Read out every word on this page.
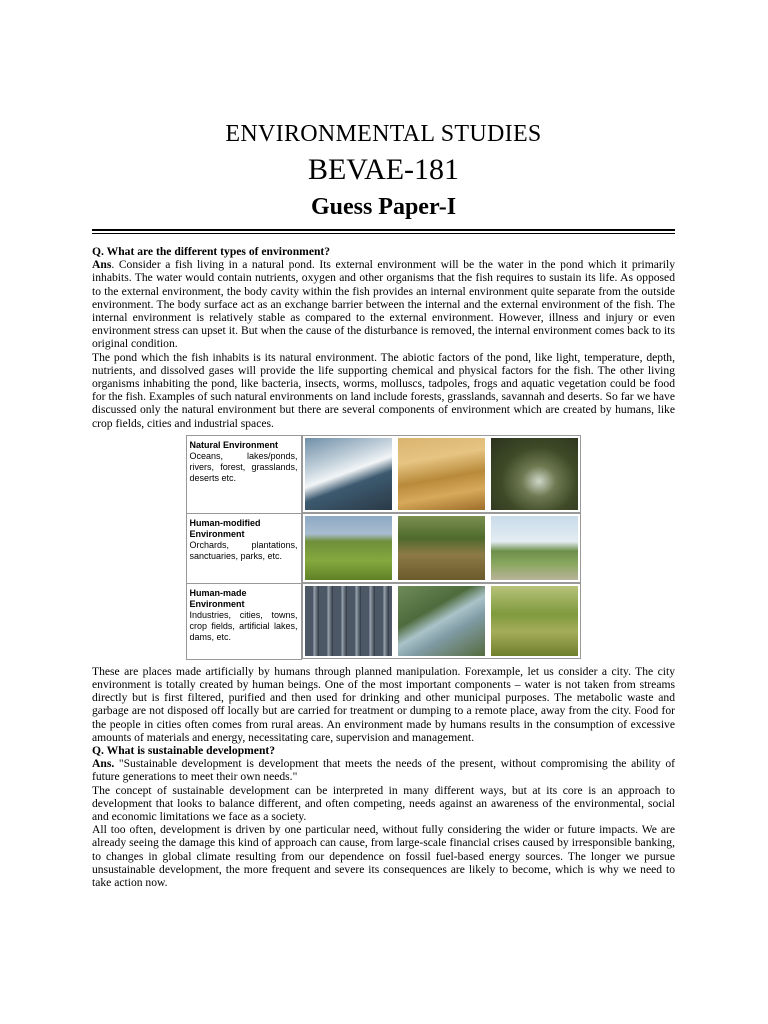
ENVIRONMENTAL STUDIES
BEVAE-181
Guess Paper-I

Q. What are the different types of environment?

Ans. Consider a fish living in a natural pond. Its external environment will be the water in the pond which it primarily inhabits. The water would contain nutrients, oxygen and other organisms that the fish requires to sustain its life. As opposed to the external environment, the body cavity within the fish provides an internal environment quite separate from the outside environment. The body surface act as an exchange barrier between the internal and the external environment of the fish. The internal environment is relatively stable as compared to the external environment. However, illness and injury or even environment stress can upset it. But when the cause of the disturbance is removed, the internal environment comes back to its original condition.

The pond which the fish inhabits is its natural environment. The abiotic factors of the pond, like light, temperature, depth, nutrients, and dissolved gases will provide the life supporting chemical and physical factors for the fish. The other living organisms inhabiting the pond, like bacteria, insects, worms, molluscs, tadpoles, frogs and aquatic vegetation could be food for the fish. Examples of such natural environments on land include forests, grasslands, savannah and deserts. So far we have discussed only the natural environment but there are several components of environment which are created by humans, like crop fields, cities and industrial spaces.

Natural Environment
Oceans, lakes/ponds, rivers, forest, grasslands, deserts etc.	

Human-modified Environment
Orchards, plantations, sanctuaries, parks, etc.	

Human-made Environment
Industries, cities, towns, crop fields, artificial lakes, dams, etc.	

These are places made artificially by humans through planned manipulation. Forexample, let us consider a city. The city environment is totally created by human beings. One of the most important components – water is not taken from streams directly but is first filtered, purified and then used for drinking and other municipal purposes. The metabolic waste and garbage are not disposed off locally but are carried for treatment or dumping to a remote place, away from the city. Food for the people in cities often comes from rural areas. An environment made by humans results in the consumption of excessive amounts of materials and energy, necessitating care, supervision and management.

Q. What is sustainable development?

Ans. "Sustainable development is development that meets the needs of the present, without compromising the ability of future generations to meet their own needs."

The concept of sustainable development can be interpreted in many different ways, but at its core is an approach to development that looks to balance different, and often competing, needs against an awareness of the environmental, social and economic limitations we face as a society.

All too often, development is driven by one particular need, without fully considering the wider or future impacts. We are already seeing the damage this kind of approach can cause, from large-scale financial crises caused by irresponsible banking, to changes in global climate resulting from our dependence on fossil fuel-based energy sources. The longer we pursue unsustainable development, the more frequent and severe its consequences are likely to become, which is why we need to take action now.
